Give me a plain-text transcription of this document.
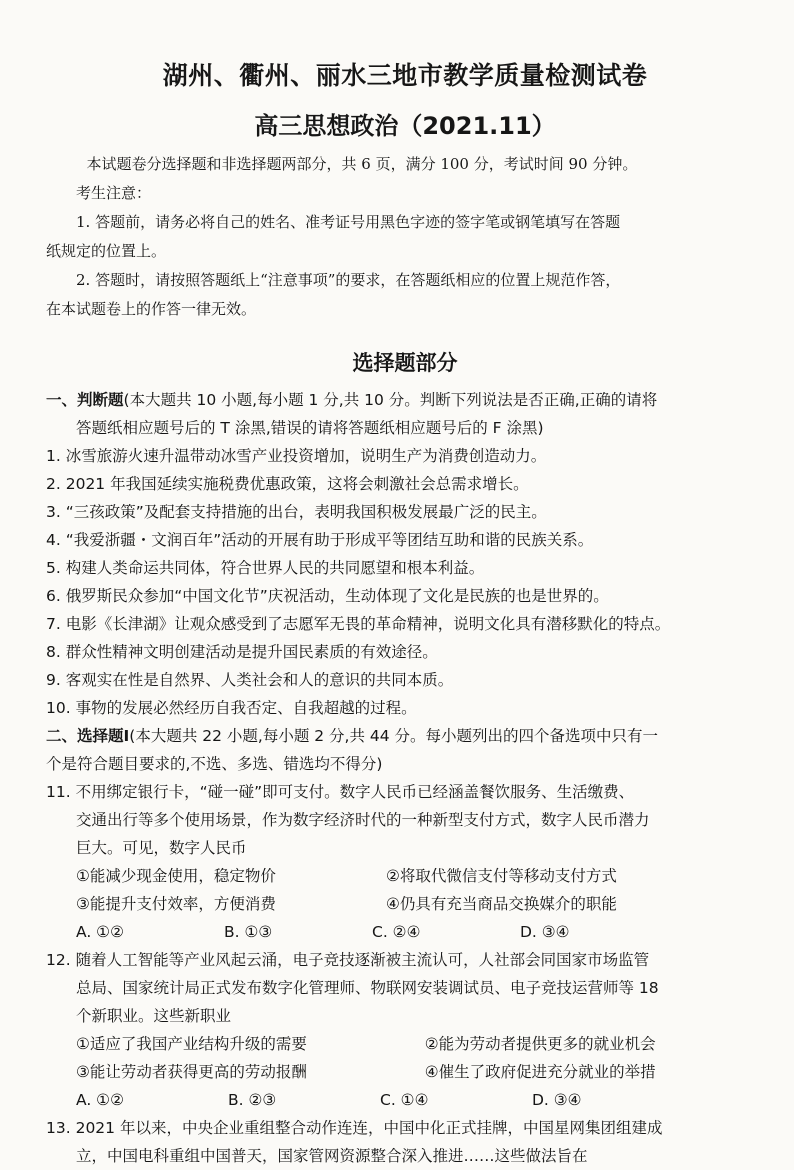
湖州、衢州、丽水三地市教学质量检测试卷
高三思想政治（2021.11）

本试题卷分选择题和非选择题两部分，共 6 页，满分 100 分，考试时间 90 分钟。

考生注意：

1. 答题前，请务必将自己的姓名、准考证号用黑色字迹的签字笔或钢笔填写在答题

纸规定的位置上。

2. 答题时，请按照答题纸上“注意事项”的要求，在答题纸相应的位置上规范作答，

在本试题卷上的作答一律无效。

选择题部分

一、判断题(本大题共 10 小题,每小题 1 分,共 10 分。判断下列说法是否正确,正确的请将

答题纸相应题号后的 T 涂黑,错误的请将答题纸相应题号后的 F 涂黑)

1. 冰雪旅游火速升温带动冰雪产业投资增加，说明生产为消费创造动力。

2. 2021 年我国延续实施税费优惠政策，这将会刺激社会总需求增长。

3. “三孩政策”及配套支持措施的出台，表明我国积极发展最广泛的民主。

4. “我爱浙疆・文润百年”活动的开展有助于形成平等团结互助和谐的民族关系。

5. 构建人类命运共同体，符合世界人民的共同愿望和根本利益。

6. 俄罗斯民众参加“中国文化节”庆祝活动，生动体现了文化是民族的也是世界的。

7. 电影《长津湖》让观众感受到了志愿军无畏的革命精神，说明文化具有潜移默化的特点。

8. 群众性精神文明创建活动是提升国民素质的有效途径。

9. 客观实在性是自然界、人类社会和人的意识的共同本质。

10. 事物的发展必然经历自我否定、自我超越的过程。

二、选择题Ⅰ(本大题共 22 小题,每小题 2 分,共 44 分。每小题列出的四个备选项中只有一

个是符合题目要求的,不选、多选、错选均不得分)

11. 不用绑定银行卡，“碰一碰”即可支付。数字人民币已经涵盖餐饮服务、生活缴费、

交通出行等多个使用场景，作为数字经济时代的一种新型支付方式，数字人民币潜力

巨大。可见，数字人民币

①能减少现金使用，稳定物价	②将取代微信支付等移动支付方式
③能提升支付效率，方便消费	④仍具有充当商品交换媒介的职能
A. ①②	B. ①③	C. ②④	D. ③④

12. 随着人工智能等产业风起云涌，电子竞技逐渐被主流认可，人社部会同国家市场监管

总局、国家统计局正式发布数字化管理师、物联网安装调试员、电子竞技运营师等 18

个新职业。这些新职业

①适应了我国产业结构升级的需要	②能为劳动者提供更多的就业机会
③能让劳动者获得更高的劳动报酬	④催生了政府促进充分就业的举措
A. ①②	B. ②③	C. ①④	D. ③④

13. 2021 年以来，中央企业重组整合动作连连，中国中化正式挂牌，中国星网集团组建成

立，中国电科重组中国普天，国家管网资源整合深入推进……这些做法旨在
